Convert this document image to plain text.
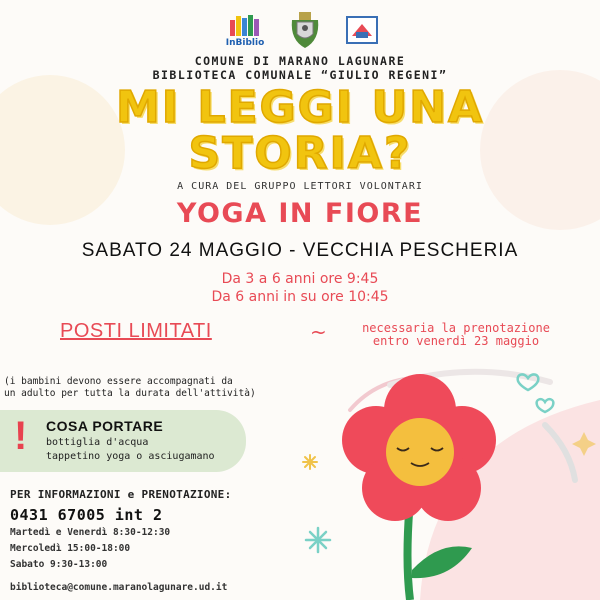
InBiblio
COMUNE DI MARANO LAGUNARE
BIBLIOTECA COMUNALE “GIULIO REGENI”
MI LEGGI UNA
STORIA?
A CURA DEL GRUPPO LETTORI VOLONTARI
YOGA IN FIORE
SABATO 24 MAGGIO - VECCHIA PESCHERIA
Da 3 a 6 anni ore 9:45
Da 6 anni in su ore 10:45
POSTI LIMITATI	~	necessaria la prenotazione
entro venerdì 23 maggio
(i bambini devono essere accompagnati da
un adulto per tutta la durata dell'attività)
! COSA PORTARE
bottiglia d'acqua
tappetino yoga o asciugamano
PER INFORMAZIONI e PRENOTAZIONE:
0431 67005 int 2
Martedì e Venerdì 8:30-12:30
Mercoledì 15:00-18:00
Sabato 9:30-13:00
biblioteca@comune.maranolagunare.ud.it
